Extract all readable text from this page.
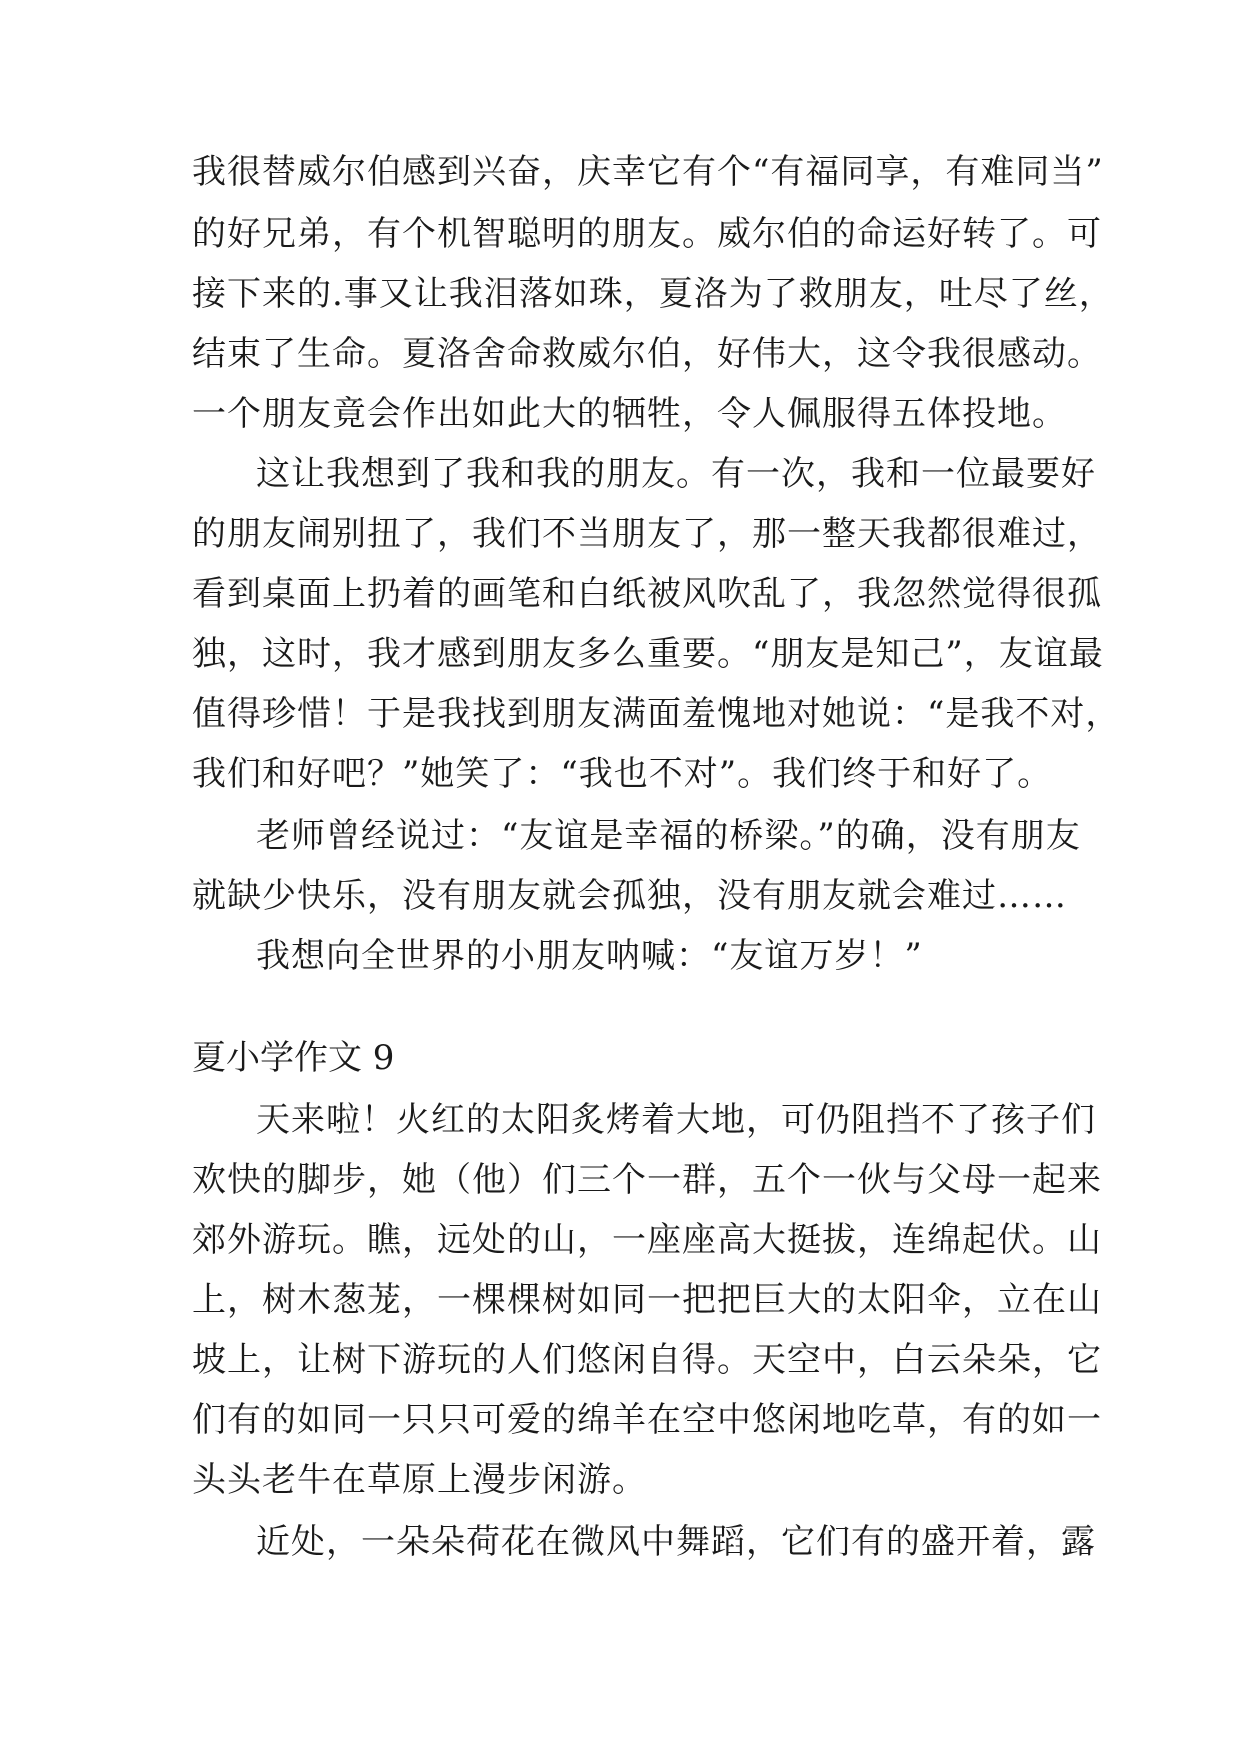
我很替威尔伯感到兴奋，庆幸它有个“有福同享，有难同当”
的好兄弟，有个机智聪明的朋友。威尔伯的命运好转了。可
接下来的.事又让我泪落如珠，夏洛为了救朋友，吐尽了丝，
结束了生命。夏洛舍命救威尔伯，好伟大，这令我很感动。
一个朋友竟会作出如此大的牺牲，令人佩服得五体投地。
这让我想到了我和我的朋友。有一次，我和一位最要好
的朋友闹别扭了，我们不当朋友了，那一整天我都很难过，
看到桌面上扔着的画笔和白纸被风吹乱了，我忽然觉得很孤
独，这时，我才感到朋友多么重要。“朋友是知己”，友谊最
值得珍惜！于是我找到朋友满面羞愧地对她说：“是我不对，
我们和好吧？”她笑了：“我也不对”。我们终于和好了。
老师曾经说过：“友谊是幸福的桥梁。”的确，没有朋友
就缺少快乐，没有朋友就会孤独，没有朋友就会难过……
我想向全世界的小朋友呐喊：“友谊万岁！”
夏小学作文 9
天来啦！火红的太阳炙烤着大地，可仍阻挡不了孩子们
欢快的脚步，她（他）们三个一群，五个一伙与父母一起来
郊外游玩。瞧，远处的山，一座座高大挺拔，连绵起伏。山
上，树木葱茏，一棵棵树如同一把把巨大的太阳伞，立在山
坡上，让树下游玩的人们悠闲自得。天空中，白云朵朵，它
们有的如同一只只可爱的绵羊在空中悠闲地吃草，有的如一
头头老牛在草原上漫步闲游。
近处，一朵朵荷花在微风中舞蹈，它们有的盛开着，露
